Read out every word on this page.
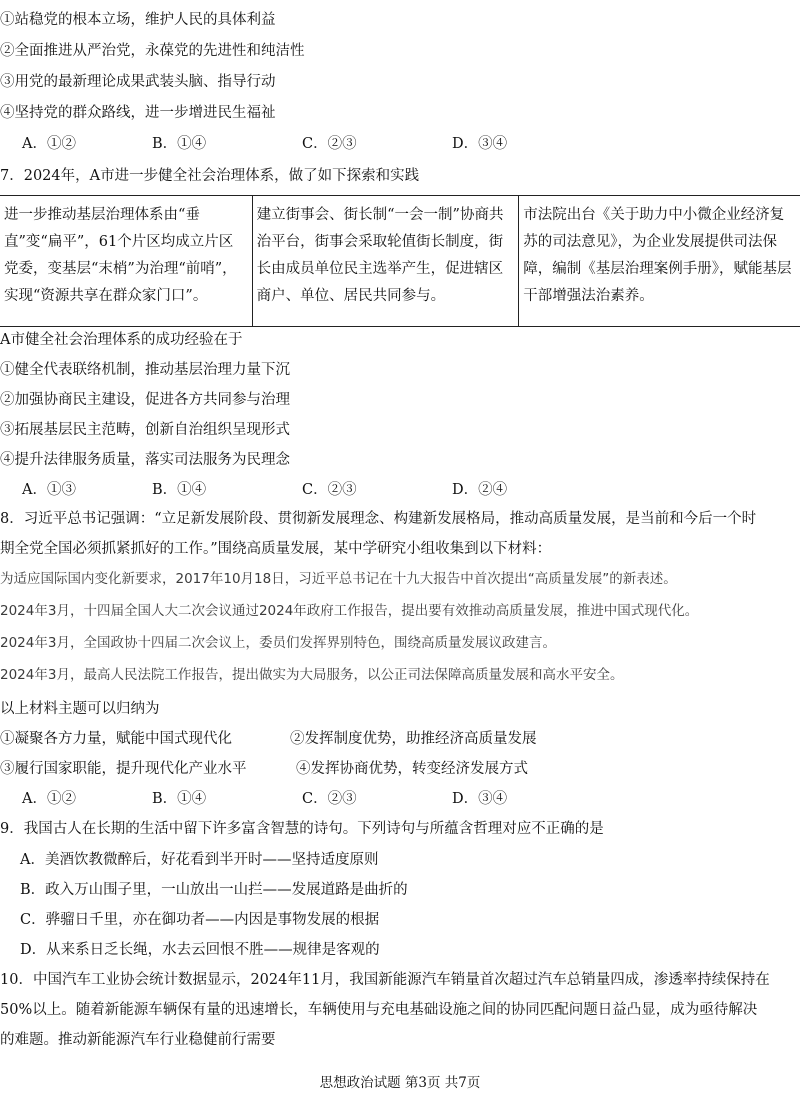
①站稳党的根本立场，维护人民的具体利益
②全面推进从严治党，永葆党的先进性和纯洁性
③用党的最新理论成果武装头脑、指导行动
④坚持党的群众路线，进一步增进民生福祉
A．①②	B．①④	C．②③	D．③④
7．2024年，A市进一步健全社会治理体系，做了如下探索和实践
进一步推动基层治理体系由“垂直”变“扁平”，61个片区均成立片区党委，变基层“末梢”为治理“前哨”，实现“资源共享在群众家门口”。	建立街事会、街长制“一会一制”协商共治平台，街事会采取轮值街长制度，街长由成员单位民主选举产生，促进辖区商户、单位、居民共同参与。	市法院出台《关于助力中小微企业经济复苏的司法意见》，为企业发展提供司法保障，编制《基层治理案例手册》，赋能基层干部增强法治素养。
A市健全社会治理体系的成功经验在于
①健全代表联络机制，推动基层治理力量下沉
②加强协商民主建设，促进各方共同参与治理
③拓展基层民主范畴，创新自治组织呈现形式
④提升法律服务质量，落实司法服务为民理念
A．①③	B．①④	C．②③	D．②④
8．习近平总书记强调：“立足新发展阶段、贯彻新发展理念、构建新发展格局，推动高质量发展，是当前和今后一个时
期全党全国必须抓紧抓好的工作。”围绕高质量发展，某中学研究小组收集到以下材料：
为适应国际国内变化新要求，2017年10月18日，习近平总书记在十九大报告中首次提出“高质量发展”的新表述。
2024年3月，十四届全国人大二次会议通过2024年政府工作报告，提出要有效推动高质量发展，推进中国式现代化。
2024年3月，全国政协十四届二次会议上，委员们发挥界别特色，围绕高质量发展议政建言。
2024年3月，最高人民法院工作报告，提出做实为大局服务，以公正司法保障高质量发展和高水平安全。
以上材料主题可以归纳为
①凝聚各方力量，赋能中国式现代化	②发挥制度优势，助推经济高质量发展
③履行国家职能，提升现代化产业水平	④发挥协商优势，转变经济发展方式
A．①②	B．①④	C．②③	D．③④
9．我国古人在长期的生活中留下许多富含智慧的诗句。下列诗句与所蕴含哲理对应不正确的是
A．美酒饮教微醉后，好花看到半开时——坚持适度原则
B．政入万山围子里，一山放出一山拦——发展道路是曲折的
C．骅骝日千里，亦在御功者——内因是事物发展的根据
D．从来系日乏长绳，水去云回恨不胜——规律是客观的
10．中国汽车工业协会统计数据显示，2024年11月，我国新能源汽车销量首次超过汽车总销量四成，渗透率持续保持在
50%以上。随着新能源车辆保有量的迅速增长，车辆使用与充电基础设施之间的协同匹配问题日益凸显，成为亟待解决
的难题。推动新能源汽车行业稳健前行需要
思想政治试题 第3页 共7页
